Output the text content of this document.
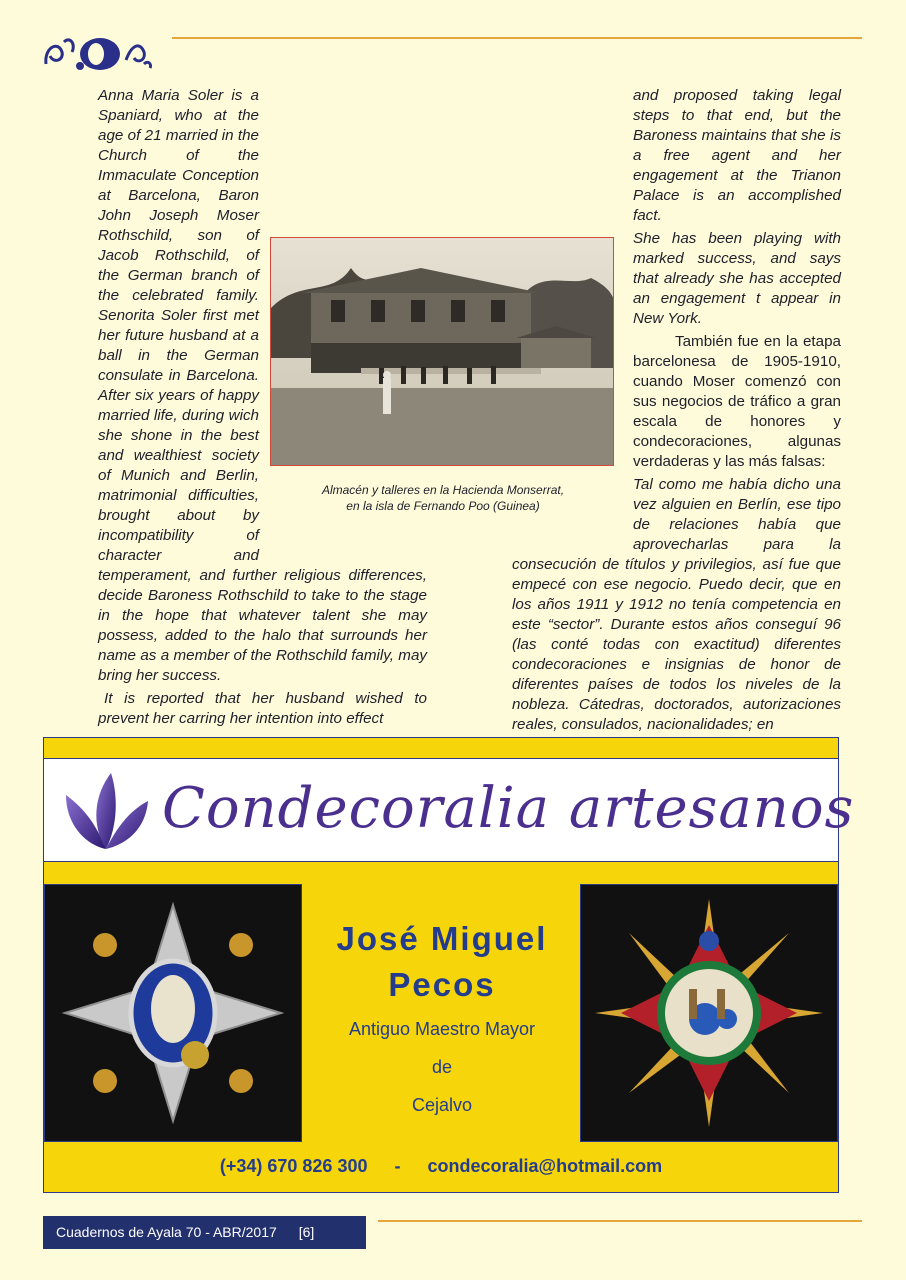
Anna Maria Soler is a Spaniard, who at the age of 21 married in the Church of the Immaculate Conception at Barcelona, Baron John Joseph Moser Rothschild, son of Jacob Rothschild, of the German branch of the celebrated family. Senorita Soler first met her future husband at a ball in the German consulate in Barcelona. After six years of happy married life, during wich she shone in the best and wealthiest society of Munich and Berlin, matrimonial difficulties, brought about by incompatibility of character and temperament, and further religious differences, decide Baroness Rothschild to take to the stage in the hope that whatever talent she may possess, added to the halo that surrounds her name as a member of the Rothschild family, may bring her success.

It is reported that her husband wished to prevent her carring her intention into effect

and proposed taking legal steps to that end, but the Baroness maintains that she is a free agent and her engagement at the Trianon Palace is an accomplished fact.

She has been playing with marked success, and says that already she has accepted an engagement t appear in New York.

También fue en la etapa barcelonesa de 1905-1910, cuando Moser comenzó con sus negocios de tráfico a gran escala de honores y condecoraciones, algunas verdaderas y las más falsas:

Tal como me había dicho una vez alguien en Berlín, ese tipo de relaciones había que aprovecharlas para la consecución de títulos y privilegios, así fue que empecé con ese negocio. Puedo decir, que en los años 1911 y 1912 no tenía competencia en este “sector”. Durante estos años conseguí 96 (las conté todas con exactitud) diferentes condecoraciones e insignias de honor de diferentes países de todos los niveles de la nobleza. Cátedras, doctorados, autorizaciones reales, consulados, nacionalidades; en

Almacén y talleres en la Hacienda Monserrat,
en la isla de Fernando Poo (Guinea)
Condecoralia artesanos
José Miguel
Pecos
Antiguo Maestro Mayor
de
Cejalvo
(+34) 670 826 300 - condecoralia@hotmail.com
Cuadernos de Ayala 70 - ABR/2017 [6]
